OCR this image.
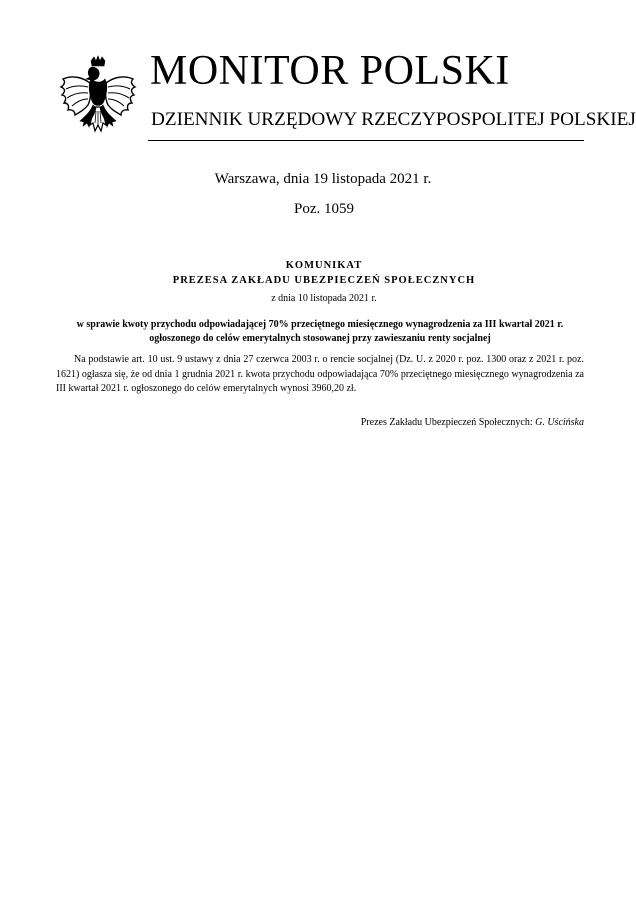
MONITOR POLSKI
DZIENNIK URZĘDOWY RZECZYPOSPOLITEJ POLSKIEJ
Warszawa, dnia 19 listopada 2021 r.
Poz. 1059
KOMUNIKAT
PREZESA ZAKŁADU UBEZPIECZEŃ SPOŁECZNYCH
z dnia 10 listopada 2021 r.
w sprawie kwoty przychodu odpowiadającej 70% przeciętnego miesięcznego wynagrodzenia za III kwartał 2021 r. ogłoszonego do celów emerytalnych stosowanej przy zawieszaniu renty socjalnej

Na podstawie art. 10 ust. 9 ustawy z dnia 27 czerwca 2003 r. o rencie socjalnej (Dz. U. z 2020 r. poz. 1300 oraz z 2021 r. poz. 1621) ogłasza się, że od dnia 1 grudnia 2021 r. kwota przychodu odpowiadająca 70% przeciętnego miesięcznego wynagrodzenia za III kwartał 2021 r. ogłoszonego do celów emerytalnych wynosi 3960,20 zł.

Prezes Zakładu Ubezpieczeń Społecznych: G. Uścińska
